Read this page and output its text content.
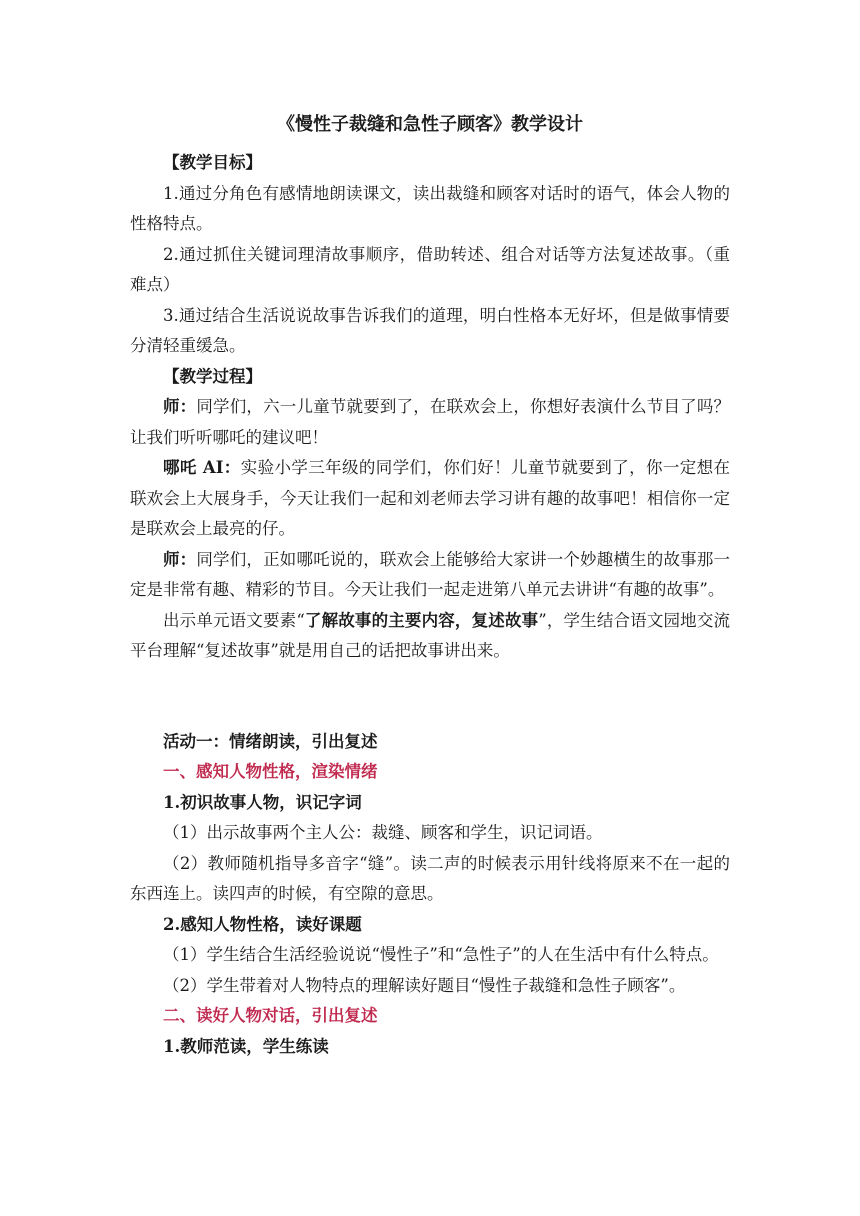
《慢性子裁缝和急性子顾客》教学设计

【教学目标】

1.通过分角色有感情地朗读课文，读出裁缝和顾客对话时的语气，体会人物的性格特点。

2.通过抓住关键词理清故事顺序，借助转述、组合对话等方法复述故事。（重难点）

3.通过结合生活说说故事告诉我们的道理，明白性格本无好坏，但是做事情要分清轻重缓急。

【教学过程】

师：同学们，六一儿童节就要到了，在联欢会上，你想好表演什么节目了吗？让我们听听哪吒的建议吧！

哪吒 AI：实验小学三年级的同学们，你们好！儿童节就要到了，你一定想在联欢会上大展身手，今天让我们一起和刘老师去学习讲有趣的故事吧！相信你一定是联欢会上最亮的仔。

师：同学们，正如哪吒说的，联欢会上能够给大家讲一个妙趣横生的故事那一定是非常有趣、精彩的节目。今天让我们一起走进第八单元去讲讲“有趣的故事”。

出示单元语文要素“了解故事的主要内容，复述故事”，学生结合语文园地交流平台理解“复述故事”就是用自己的话把故事讲出来。

活动一：情绪朗读，引出复述

一、感知人物性格，渲染情绪

1.初识故事人物，识记字词

（1）出示故事两个主人公：裁缝、顾客和学生，识记词语。

（2）教师随机指导多音字“缝”。读二声的时候表示用针线将原来不在一起的东西连上。读四声的时候，有空隙的意思。

2.感知人物性格，读好课题

（1）学生结合生活经验说说“慢性子”和“急性子”的人在生活中有什么特点。

（2）学生带着对人物特点的理解读好题目“慢性子裁缝和急性子顾客”。

二、读好人物对话，引出复述

1.教师范读，学生练读
